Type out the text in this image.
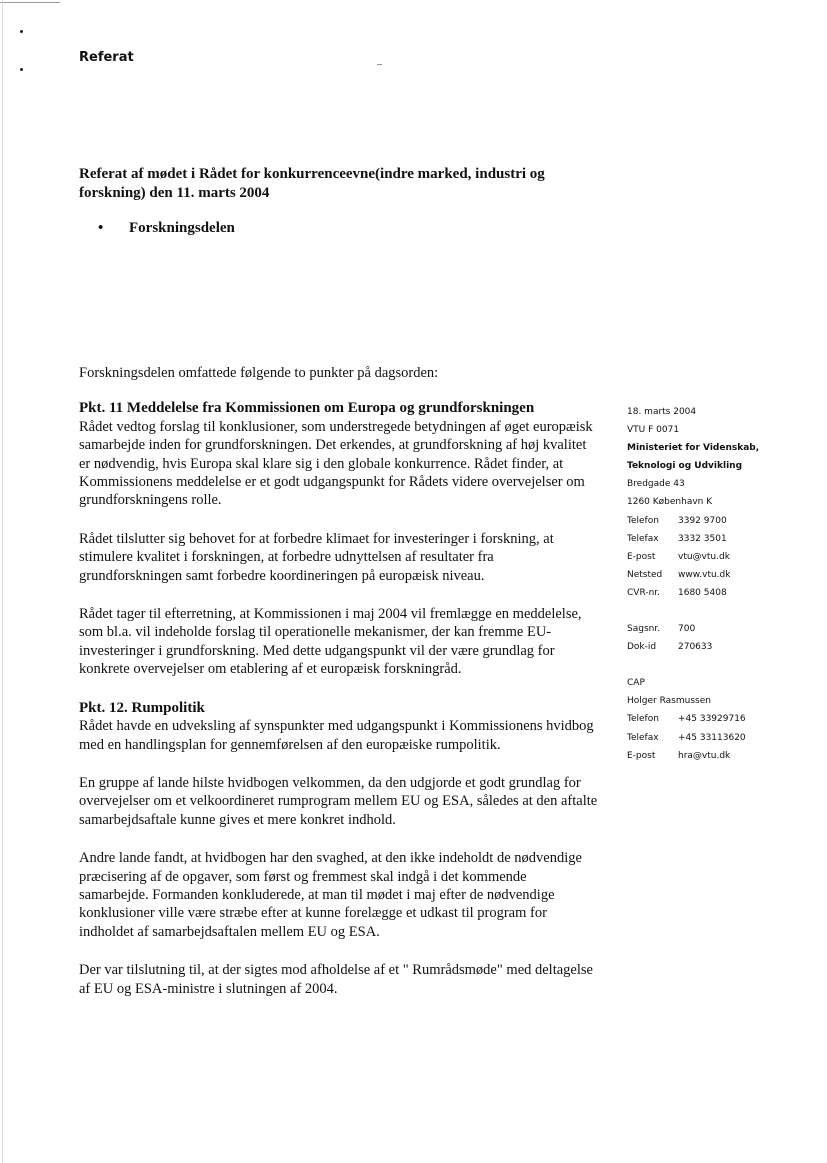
Referat
Referat af mødet i Rådet for konkurrenceevne(indre marked, industri og forskning) den 11. marts 2004

• Forskningsdelen

Forskningsdelen omfattede følgende to punkter på dagsorden:

Pkt. 11 Meddelelse fra Kommissionen om Europa og grundforskningen

Rådet vedtog forslag til konklusioner, som understregede betydningen af øget europæisk samarbejde inden for grundforskningen. Det erkendes, at grundforskning af høj kvalitet er nødvendig, hvis Europa skal klare sig i den globale konkurrence. Rådet finder, at Kommissionens meddelelse er et godt udgangspunkt for Rådets videre overvejelser om grundforskningens rolle.

Rådet tilslutter sig behovet for at forbedre klimaet for investeringer i forskning, at stimulere kvalitet i forskningen, at forbedre udnyttelsen af resultater fra grundforskningen samt forbedre koordineringen på europæisk niveau.

Rådet tager til efterretning, at Kommissionen i maj 2004 vil fremlægge en meddelelse, som bl.a. vil indeholde forslag til operationelle mekanismer, der kan fremme EU-investeringer i grundforskning. Med dette udgangspunkt vil der være grundlag for konkrete overvejelser om etablering af et europæisk forskningråd.

Pkt. 12. Rumpolitik

Rådet havde en udveksling af synspunkter med udgangspunkt i Kommissionens hvidbog med en handlingsplan for gennemførelsen af den europæiske rumpolitik.

En gruppe af lande hilste hvidbogen velkommen, da den udgjorde et godt grundlag for overvejelser om et velkoordineret rumprogram mellem EU og ESA, således at den aftalte samarbejdsaftale kunne gives et mere konkret indhold.

Andre lande fandt, at hvidbogen har den svaghed, at den ikke indeholdt de nødvendige præcisering af de opgaver, som først og fremmest skal indgå i det kommende samarbejde. Formanden konkluderede, at man til mødet i maj efter de nødvendige konklusioner ville være stræbe efter at kunne forelægge et udkast til program for indholdet af samarbejdsaftalen mellem EU og ESA.

Der var tilslutning til, at der sigtes mod afholdelse af et " Rumrådsmøde" med deltagelse af EU og ESA-ministre i slutningen af 2004.

18. marts 2004
VTU F 0071
Ministeriet for Videnskab,
Teknologi og Udvikling
Bredgade 43
1260 København K
Telefon	3392 9700
Telefax	3332 3501
E-post	vtu@vtu.dk
Netsted	www.vtu.dk
CVR-nr.	1680 5408
Sagsnr.	700
Dok-id	270633
CAP
Holger Rasmussen
Telefon	+45 33929716
Telefax	+45 33113620
E-post	hra@vtu.dk
